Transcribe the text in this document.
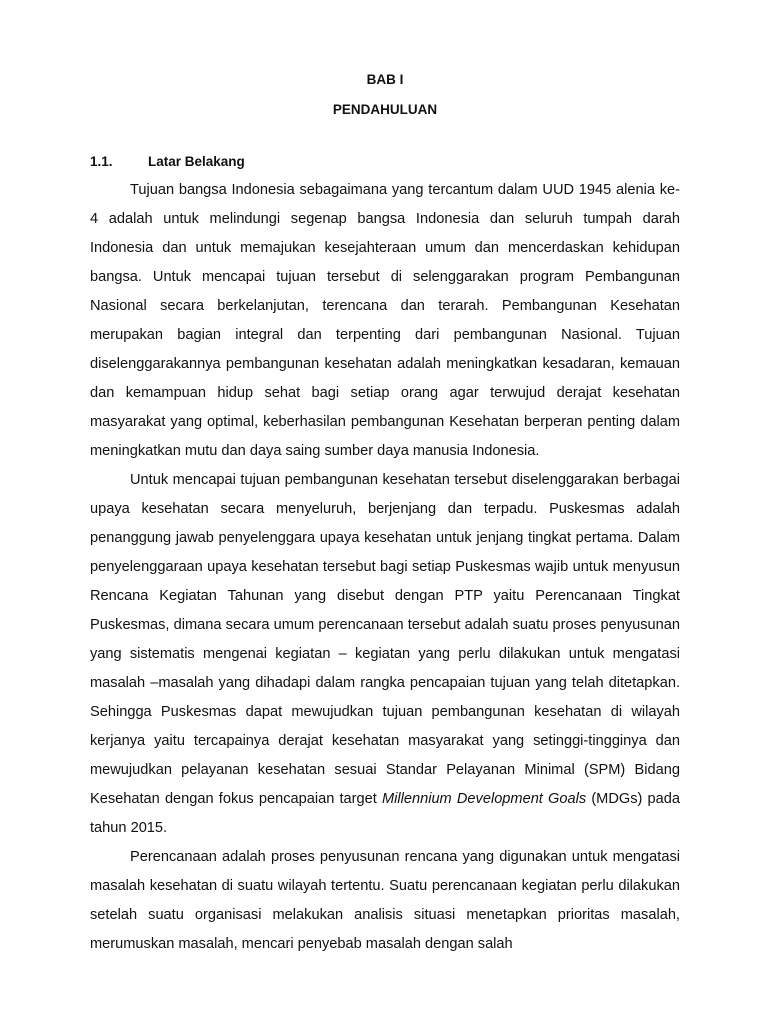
BAB I

PENDAHULUAN

1.1.	Latar Belakang

Tujuan bangsa Indonesia sebagaimana yang tercantum dalam UUD 1945 alenia ke-4 adalah untuk melindungi segenap bangsa Indonesia dan seluruh tumpah darah Indonesia dan untuk memajukan kesejahteraan umum dan mencerdaskan kehidupan bangsa. Untuk mencapai tujuan tersebut di selenggarakan program Pembangunan Nasional secara berkelanjutan, terencana dan terarah. Pembangunan Kesehatan merupakan bagian integral dan terpenting dari pembangunan Nasional. Tujuan diselenggarakannya pembangunan kesehatan adalah meningkatkan kesadaran, kemauan dan kemampuan hidup sehat bagi setiap orang agar terwujud derajat kesehatan masyarakat yang optimal, keberhasilan pembangunan Kesehatan berperan penting dalam meningkatkan mutu dan daya saing sumber daya manusia Indonesia.

Untuk mencapai tujuan pembangunan kesehatan tersebut diselenggarakan berbagai upaya kesehatan secara menyeluruh, berjenjang dan terpadu. Puskesmas adalah penanggung jawab penyelenggara upaya kesehatan untuk jenjang tingkat pertama. Dalam penyelenggaraan upaya kesehatan tersebut bagi setiap Puskesmas wajib untuk menyusun Rencana Kegiatan Tahunan yang disebut dengan PTP yaitu Perencanaan Tingkat Puskesmas, dimana secara umum perencanaan tersebut adalah suatu proses penyusunan yang sistematis mengenai kegiatan – kegiatan yang perlu dilakukan untuk mengatasi masalah –masalah yang dihadapi dalam rangka pencapaian tujuan yang telah ditetapkan. Sehingga Puskesmas dapat mewujudkan tujuan pembangunan kesehatan di wilayah kerjanya yaitu tercapainya derajat kesehatan masyarakat yang setinggi-tingginya dan mewujudkan pelayanan kesehatan sesuai Standar Pelayanan Minimal (SPM) Bidang Kesehatan dengan fokus pencapaian target Millennium Development Goals (MDGs) pada tahun 2015.

Perencanaan adalah proses penyusunan rencana yang digunakan untuk mengatasi masalah kesehatan di suatu wilayah tertentu. Suatu perencanaan kegiatan perlu dilakukan setelah suatu organisasi melakukan analisis situasi menetapkan prioritas masalah, merumuskan masalah, mencari penyebab masalah dengan salah
